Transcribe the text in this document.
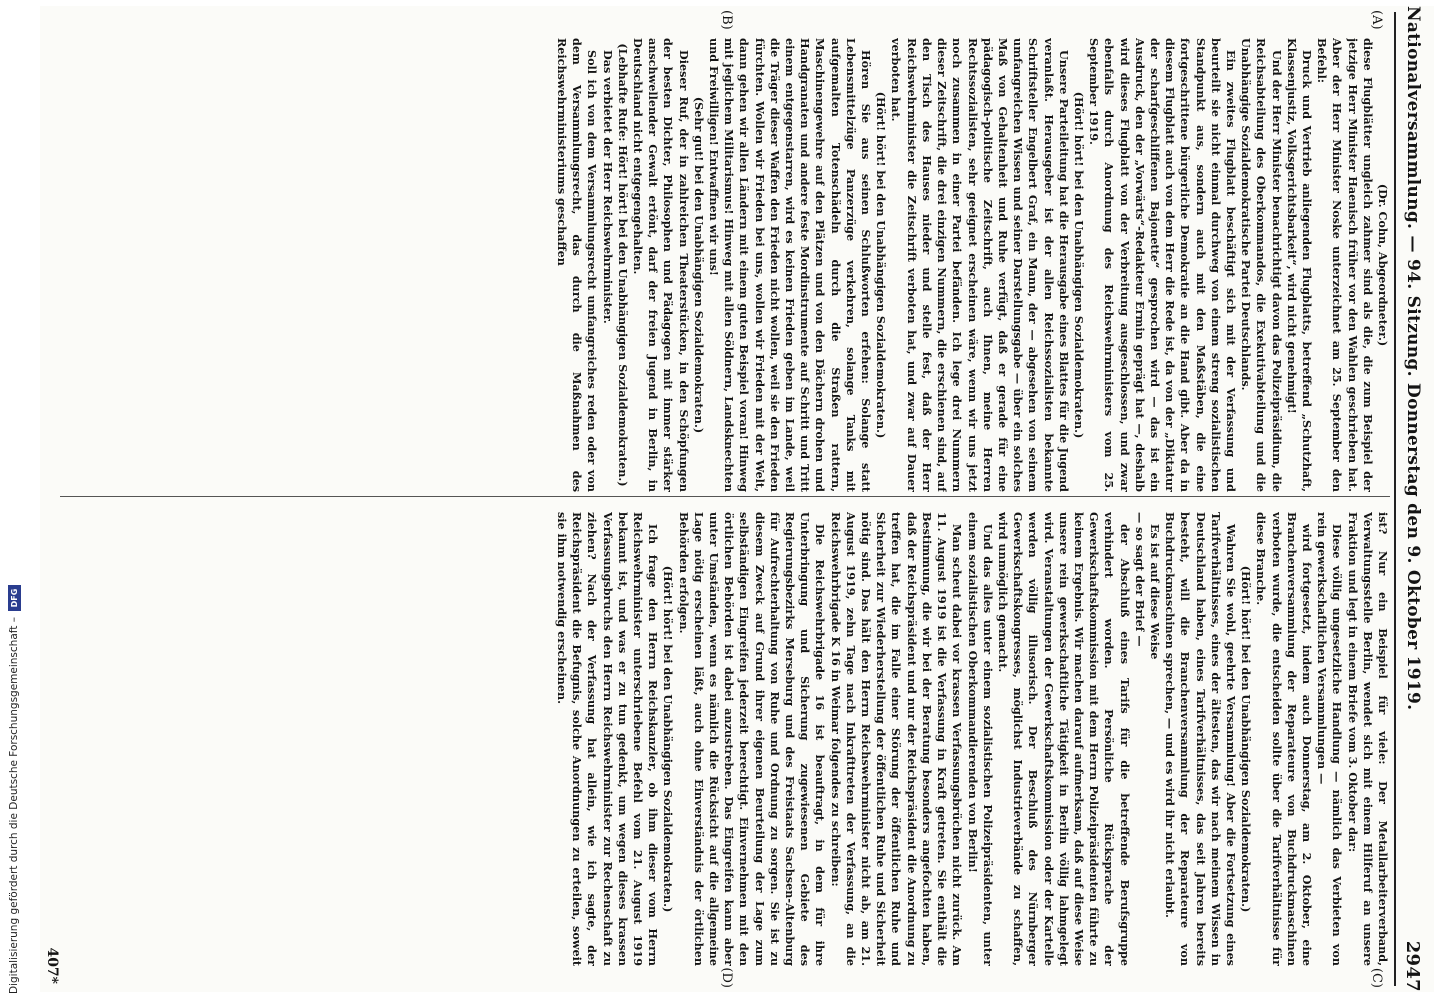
Nationalversammlung. — 94. Sitzung. Donnerstag den 9. Oktober 1919.
2947
(A)
(B)
(C)
(D)

(Dr. Cohn, Abgeordneter.)

diese Flugblätter ungleich zahmer sind als die, die zum Beispiel der jetzige Herr Minister Haenisch früher vor den Wahlen geschrieben hat. Aber der Herr Minister Noske unterzeichnet am 25. September den Befehl:

Druck und Vertrieb anliegenden Flugblatts, betreffend „Schutzhaft, Klassenjustiz, Volksgerichtsbarkeit“, wird nicht genehmigt!

Und der Herr Minister benachrichtigt davon das Polizeipräsidium, die Reichsabteilung des Oberkommandos, die Exekutivabteilung und die Unabhängige Sozialdemokratische Partei Deutschlands.

Ein zweites Flugblatt beschäftigt sich mit der Verfassung und beurteilt sie nicht einmal durchweg von einem streng sozialistischen Standpunkt aus, sondern auch mit den Maßstäben, die eine fortgeschrittene bürgerliche Demokratie an die Hand gibt. Aber da in diesem Flugblatt auch von dem Herr die Rede ist, da von der „Diktatur der scharfgeschliffenen Bajonette“ gesprochen wird — das ist ein Ausdruck, den der „Vorwärts“-Redakteur Ermin geprägt hat —, deshalb wird dieses Flugblatt von der Verbreitung ausgeschlossen, und zwar ebenfalls durch Anordnung des Reichswehrministers vom 25. September 1919.

(Hört! hört! bei den Unabhängigen Sozialdemokraten.)

Unsere Parteileitung hat die Herausgabe eines Blattes für die Jugend veranlaßt. Herausgeber ist der allen Reichssozialisten bekannte Schriftsteller Engelbert Graf, ein Mann, der — abgesehen von seinem umfangreichen Wissen und seiner Darstellungsgabe — über ein solches Maß von Gehaltenheit und Ruhe verfügt, daß er gerade für eine pädagogisch-politische Zeitschrift, auch Ihnen, meine Herren Rechtssozialisten, sehr geeignet erscheinen wäre, wenn wir uns jetzt noch zusammen in einer Partei befänden. Ich lege drei Nummern dieser Zeitschrift, die drei einzigen Nummern, die erschienen sind, auf den Tisch des Hauses nieder und stelle fest, daß der Herr Reichswehrminister die Zeitschrift verboten hat, und zwar auf Dauer verboten hat.

(Hört! hört! bei den Unabhängigen Sozialdemokraten.)

Hören Sie aus seinen Schlußworten erfehen: Solange statt Lebensmittelzüge Panzerzüge verkehren, solange Tanks mit aufgemalten Totenschädeln durch die Straßen rattern, Maschinengewehre auf den Plätzen und von den Dächern drohen und Handgranaten und andere feste Mordinstrumente auf Schritt und Tritt einem entgegenstarren, wird es keinen Frieden geben im Lande, weil die Träger dieser Waffen den Frieden nicht wollen, weil sie den Frieden fürchten. Wollen wir Frieden bei uns, wollen wir Frieden mit der Welt, dann gehen wir allen Ländern mit einem guten Beispiel voran! Hinweg mit jeglichem Militarismus! Hinweg mit allen Söldnern, Landsknechten und Freiwilligen! Entwaffnen wir uns!

(Sehr gut! bei den Unabhängigen Sozialdemokraten.)

Dieser Ruf, der in zahlreichen Theaterstücken, in den Schöpfungen der besten Dichter, Philosophen und Pädagogen mit immer stärker anschwellender Gewalt ertönt, darf der freien Jugend in Berlin, in Deutschland nicht entgegengehalten.

(Lebhafte Rufe: Hört! hört! bei den Unabhängigen Sozialdemokraten.)

Das verbietet der Herr Reichswehrminister.

Soll ich von dem Versammlungsrecht umfangreiches reden oder von dem Versammlungsrecht, das durch die Maßnahmen des Reichswehrministeriums geschaffen

ist? Nur ein Beispiel für viele: Der Metallarbeiterverband, Verwaltungsstelle Berlin, wendet sich mit einem Hilferuf an unsere Fraktion und legt in einem Briefe vom 3. Oktober dar:

Diese völlig ungesetzliche Handlung — nämlich das Verbieten von rein gewerkschaftlichen Versammlungen —

wird fortgesetzt, indem auch Donnerstag, am 2. Oktober, eine Branchenversammlung der Reparateure von Buchdruckmaschinen verboten wurde, die entscheiden sollte über die Tarifverhältnisse für diese Branche.

(Hört! hört! bei den Unabhängigen Sozialdemokraten.)

Wahren Sie wohl, geehrte Versammlung! Aber die Fortsetzung eines Tarifverhältnisses, eines der ältesten, das wir nach meinem Wissen in Deutschland haben, eines Tarifverhältnisses, das seit Jahren bereits besteht, will die Branchenversammlung der Reparateure von Buchdruckmaschinen sprechen, — und es wird ihr nicht erlaubt.

Es ist auf diese Weise

— so sagt der Brief —

der Abschluß eines Tarifs für die betreffende Berufsgruppe verhindert worden. Persönliche Rücksprache der Gewerkschaftskommission mit dem Herrn Polizeipräsidenten führte zu keinem Ergebnis. Wir machen darauf aufmerksam, daß auf diese Weise unsere rein gewerkschaftliche Tätigkeit in Berlin völlig lahmgelegt wird. Veranstaltungen der Gewerkschaftskommission oder der Kartelle werden völlig illusorisch. Der Beschluß des Nürnberger Gewerkschaftskongresses, möglichst Industrieverbände zu schaffen, wird unmöglich gemacht.

Und das alles unter einem sozialistischen Polizeipräsidenten, unter einem sozialistischen Oberkommandierenden von Berlin!

Man scheut dabei vor krassen Verfassungsbrüchen nicht zurück. Am 11. August 1919 ist die Verfassung in Kraft getreten. Sie enthält die Bestimmung, die wir bei der Beratung besonders angefochten haben, daß der Reichspräsident und nur der Reichspräsident die Anordnung zu treffen hat, die im Falle einer Störung der öffentlichen Ruhe und Sicherheit zur Wiederherstellung der öffentlichen Ruhe und Sicherheit nötig sind. Das hält den Herrn Reichswehrminister nicht ab, am 21. August 1919, zehn Tage nach Inkrafttreten der Verfassung, an die Reichswehrbrigade K 16 in Weimar folgendes zu schreiben:

Die Reichswehrbrigade 16 ist beauftragt, in dem für ihre Unterbringung und Sicherung zugewiesenen Gebiete des Regierungsbezirks Merseburg und des Freistaats Sachsen-Altenburg für Aufrechterhaltung von Ruhe und Ordnung zu sorgen. Sie ist zu diesem Zweck auf Grund ihrer eigenen Beurteilung der Lage zum selbständigen Eingreifen jederzeit berechtigt. Einvernehmen mit den örtlichen Behörden ist dabei anzustreben. Das Eingreifen kann aber unter Umständen, wenn es nämlich die Rücksicht auf die allgemeine Lage nötig erscheinen läßt, auch ohne Einverständnis der örtlichen Behörden erfolgen.

(Hört! hört! bei den Unabhängigen Sozialdemokraten.)

Ich frage den Herrn Reichskanzler, ob ihm dieser vom Herrn Reichswehrminister unterschriebene Befehl vom 21. August 1919 bekannt ist, und was er zu tun gedenkt, um wegen dieses krassen Verfassungsbruchs den Herrn Reichswehrminister zur Rechenschaft zu ziehen? Nach der Verfassung hat allein, wie ich sagte, der Reichspräsident die Befugnis, solche Anordnungen zu erteilen, soweit sie ihm notwendig erscheinen.

407*
Digitalisierung gefördert durch die Deutsche Forschungsgemeinschaft –
DFG
